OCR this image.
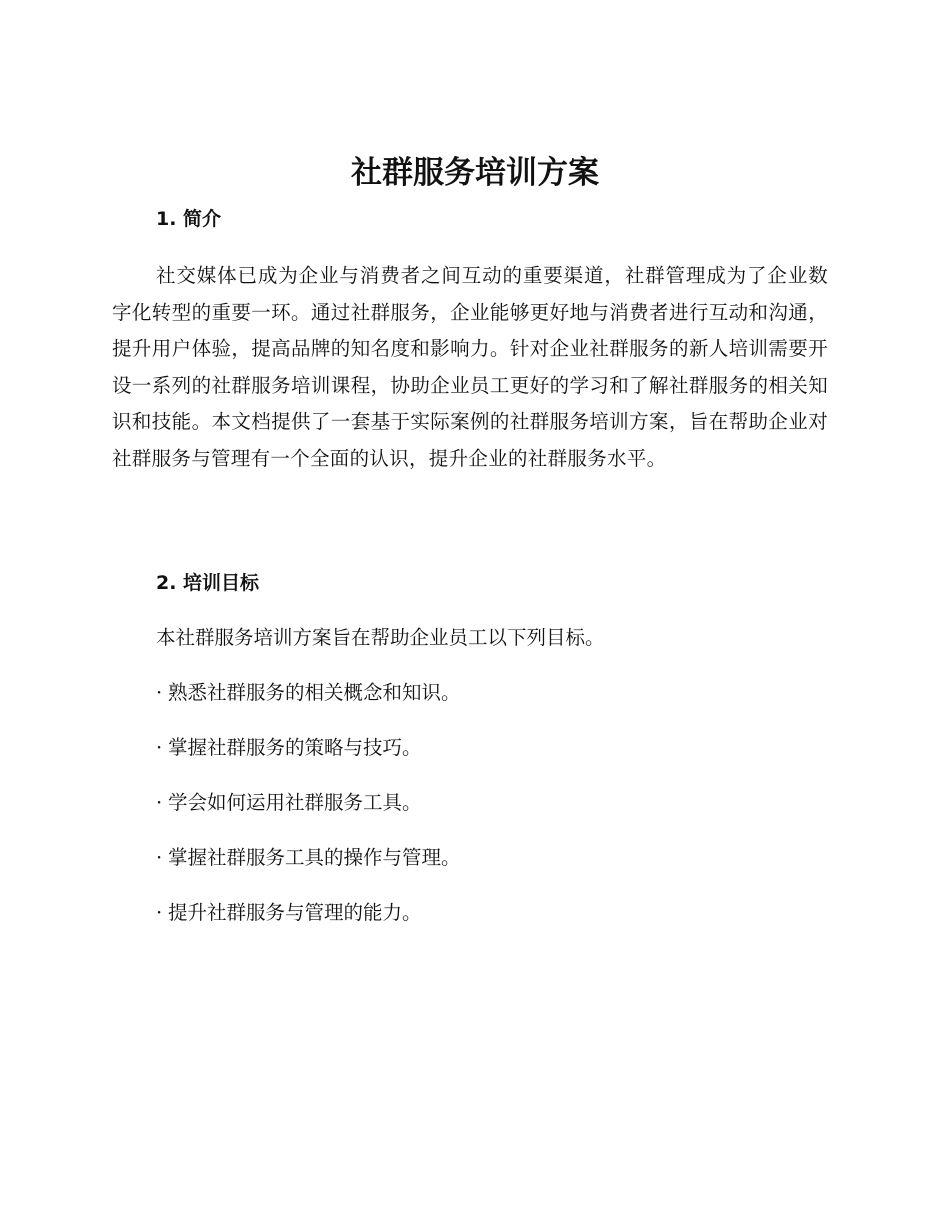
社群服务培训方案
1. 简介

社交媒体已成为企业与消费者之间互动的重要渠道，社群管理成为了企业数字化转型的重要一环。通过社群服务，企业能够更好地与消费者进行互动和沟通，提升用户体验，提高品牌的知名度和影响力。针对企业社群服务的新人培训需要开设一系列的社群服务培训课程，协助企业员工更好的学习和了解社群服务的相关知识和技能。本文档提供了一套基于实际案例的社群服务培训方案，旨在帮助企业对社群服务与管理有一个全面的认识，提升企业的社群服务水平。

2. 培训目标

本社群服务培训方案旨在帮助企业员工以下列目标。

· 熟悉社群服务的相关概念和知识。
· 掌握社群服务的策略与技巧。
· 学会如何运用社群服务工具。
· 掌握社群服务工具的操作与管理。
· 提升社群服务与管理的能力。
